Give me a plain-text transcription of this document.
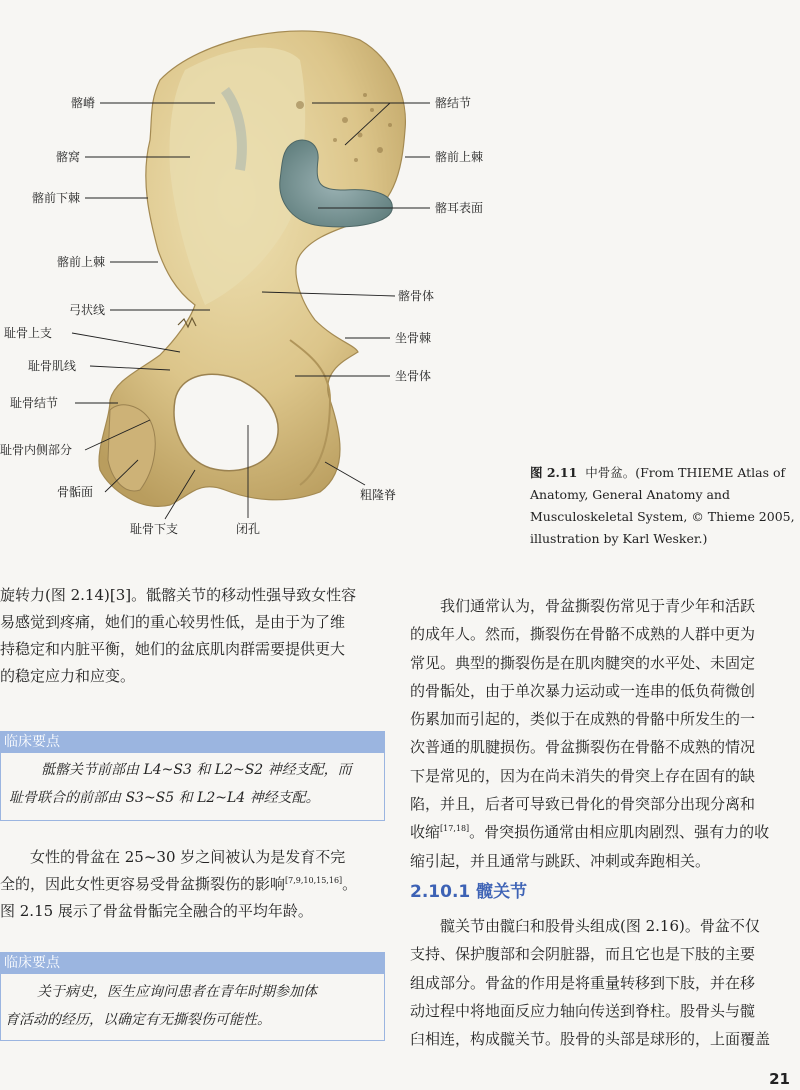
髂嵴
髂窝
髂前下棘
髂前上棘
弓状线
耻骨上支
耻骨肌线
耻骨结节
耻骨内侧部分
骨骺面
髂结节
髂前上棘
髂耳表面
髂骨体
坐骨棘
坐骨体
粗隆脊
耻骨下支	闭孔
图 2.11 中骨盆。(From THIEME Atlas of Anatomy, General Anatomy and Musculoskeletal System, © Thieme 2005, illustration by Karl Wesker.)
旋转力(图 2.14)[3]。骶髂关节的移动性强导致女性容
易感觉到疼痛，她们的重心较男性低，是由于为了维
持稳定和内脏平衡，她们的盆底肌肉群需要提供更大
的稳定应力和应变。
临床要点
骶髂关节前部由 L4~S3 和 L2~S2 神经支配，而
耻骨联合的前部由 S3~S5 和 L2~L4 神经支配。
女性的骨盆在 25~30 岁之间被认为是发育不完
全的，因此女性更容易受骨盆撕裂伤的影响[7,9,10,15,16]。
图 2.15 展示了骨盆骨骺完全融合的平均年龄。
临床要点
关于病史，医生应询问患者在青年时期参加体
育活动的经历，以确定有无撕裂伤可能性。
我们通常认为，骨盆撕裂伤常见于青少年和活跃
的成年人。然而，撕裂伤在骨骼不成熟的人群中更为
常见。典型的撕裂伤是在肌肉腱突的水平处、未固定
的骨骺处，由于单次暴力运动或一连串的低负荷微创
伤累加而引起的，类似于在成熟的骨骼中所发生的一
次普通的肌腱损伤。骨盆撕裂伤在骨骼不成熟的情况
下是常见的，因为在尚未消失的骨突上存在固有的缺
陷，并且，后者可导致已骨化的骨突部分出现分离和
收缩[17,18]。骨突损伤通常由相应肌肉剧烈、强有力的收
缩引起，并且通常与跳跃、冲刺或奔跑相关。
2.10.1 髋关节
髋关节由髋臼和股骨头组成(图 2.16)。骨盆不仅
支持、保护腹部和会阴脏器，而且它也是下肢的主要
组成部分。骨盆的作用是将重量转移到下肢，并在移
动过程中将地面反应力轴向传送到脊柱。股骨头与髋
臼相连，构成髋关节。股骨的头部是球形的，上面覆盖
21
